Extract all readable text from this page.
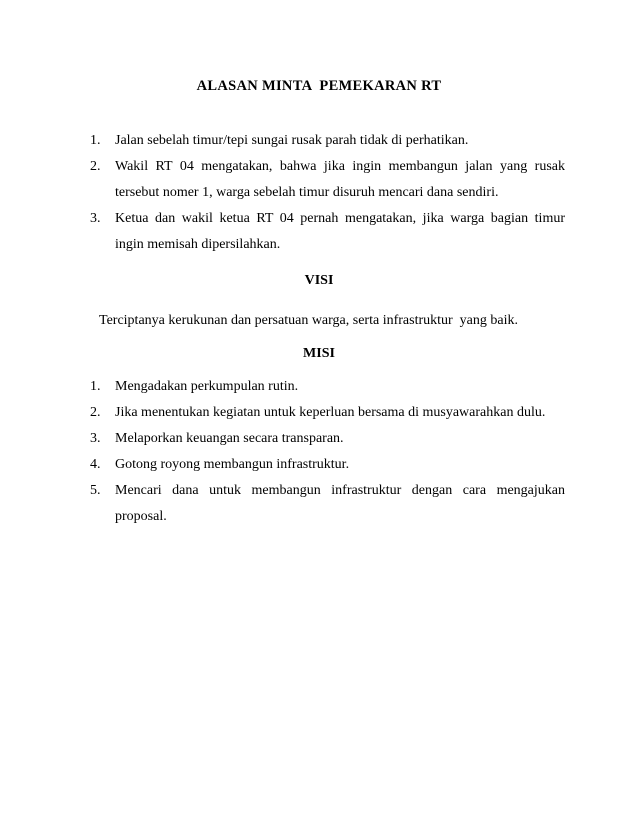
ALASAN MINTA  PEMEKARAN RT
1. Jalan sebelah timur/tepi sungai rusak parah tidak di perhatikan.
2. Wakil RT 04 mengatakan, bahwa jika ingin membangun jalan yang rusak
tersebut nomer 1, warga sebelah timur disuruh mencari dana sendiri.
3. Ketua dan wakil ketua RT 04 pernah mengatakan, jika warga bagian timur
ingin memisah dipersilahkan.
VISI
Terciptanya kerukunan dan persatuan warga, serta infrastruktur  yang baik.
MISI
1. Mengadakan perkumpulan rutin.
2. Jika menentukan kegiatan untuk keperluan bersama di musyawarahkan dulu.
3. Melaporkan keuangan secara transparan.
4. Gotong royong membangun infrastruktur.
5. Mencari dana untuk membangun infrastruktur dengan cara mengajukan
proposal.
